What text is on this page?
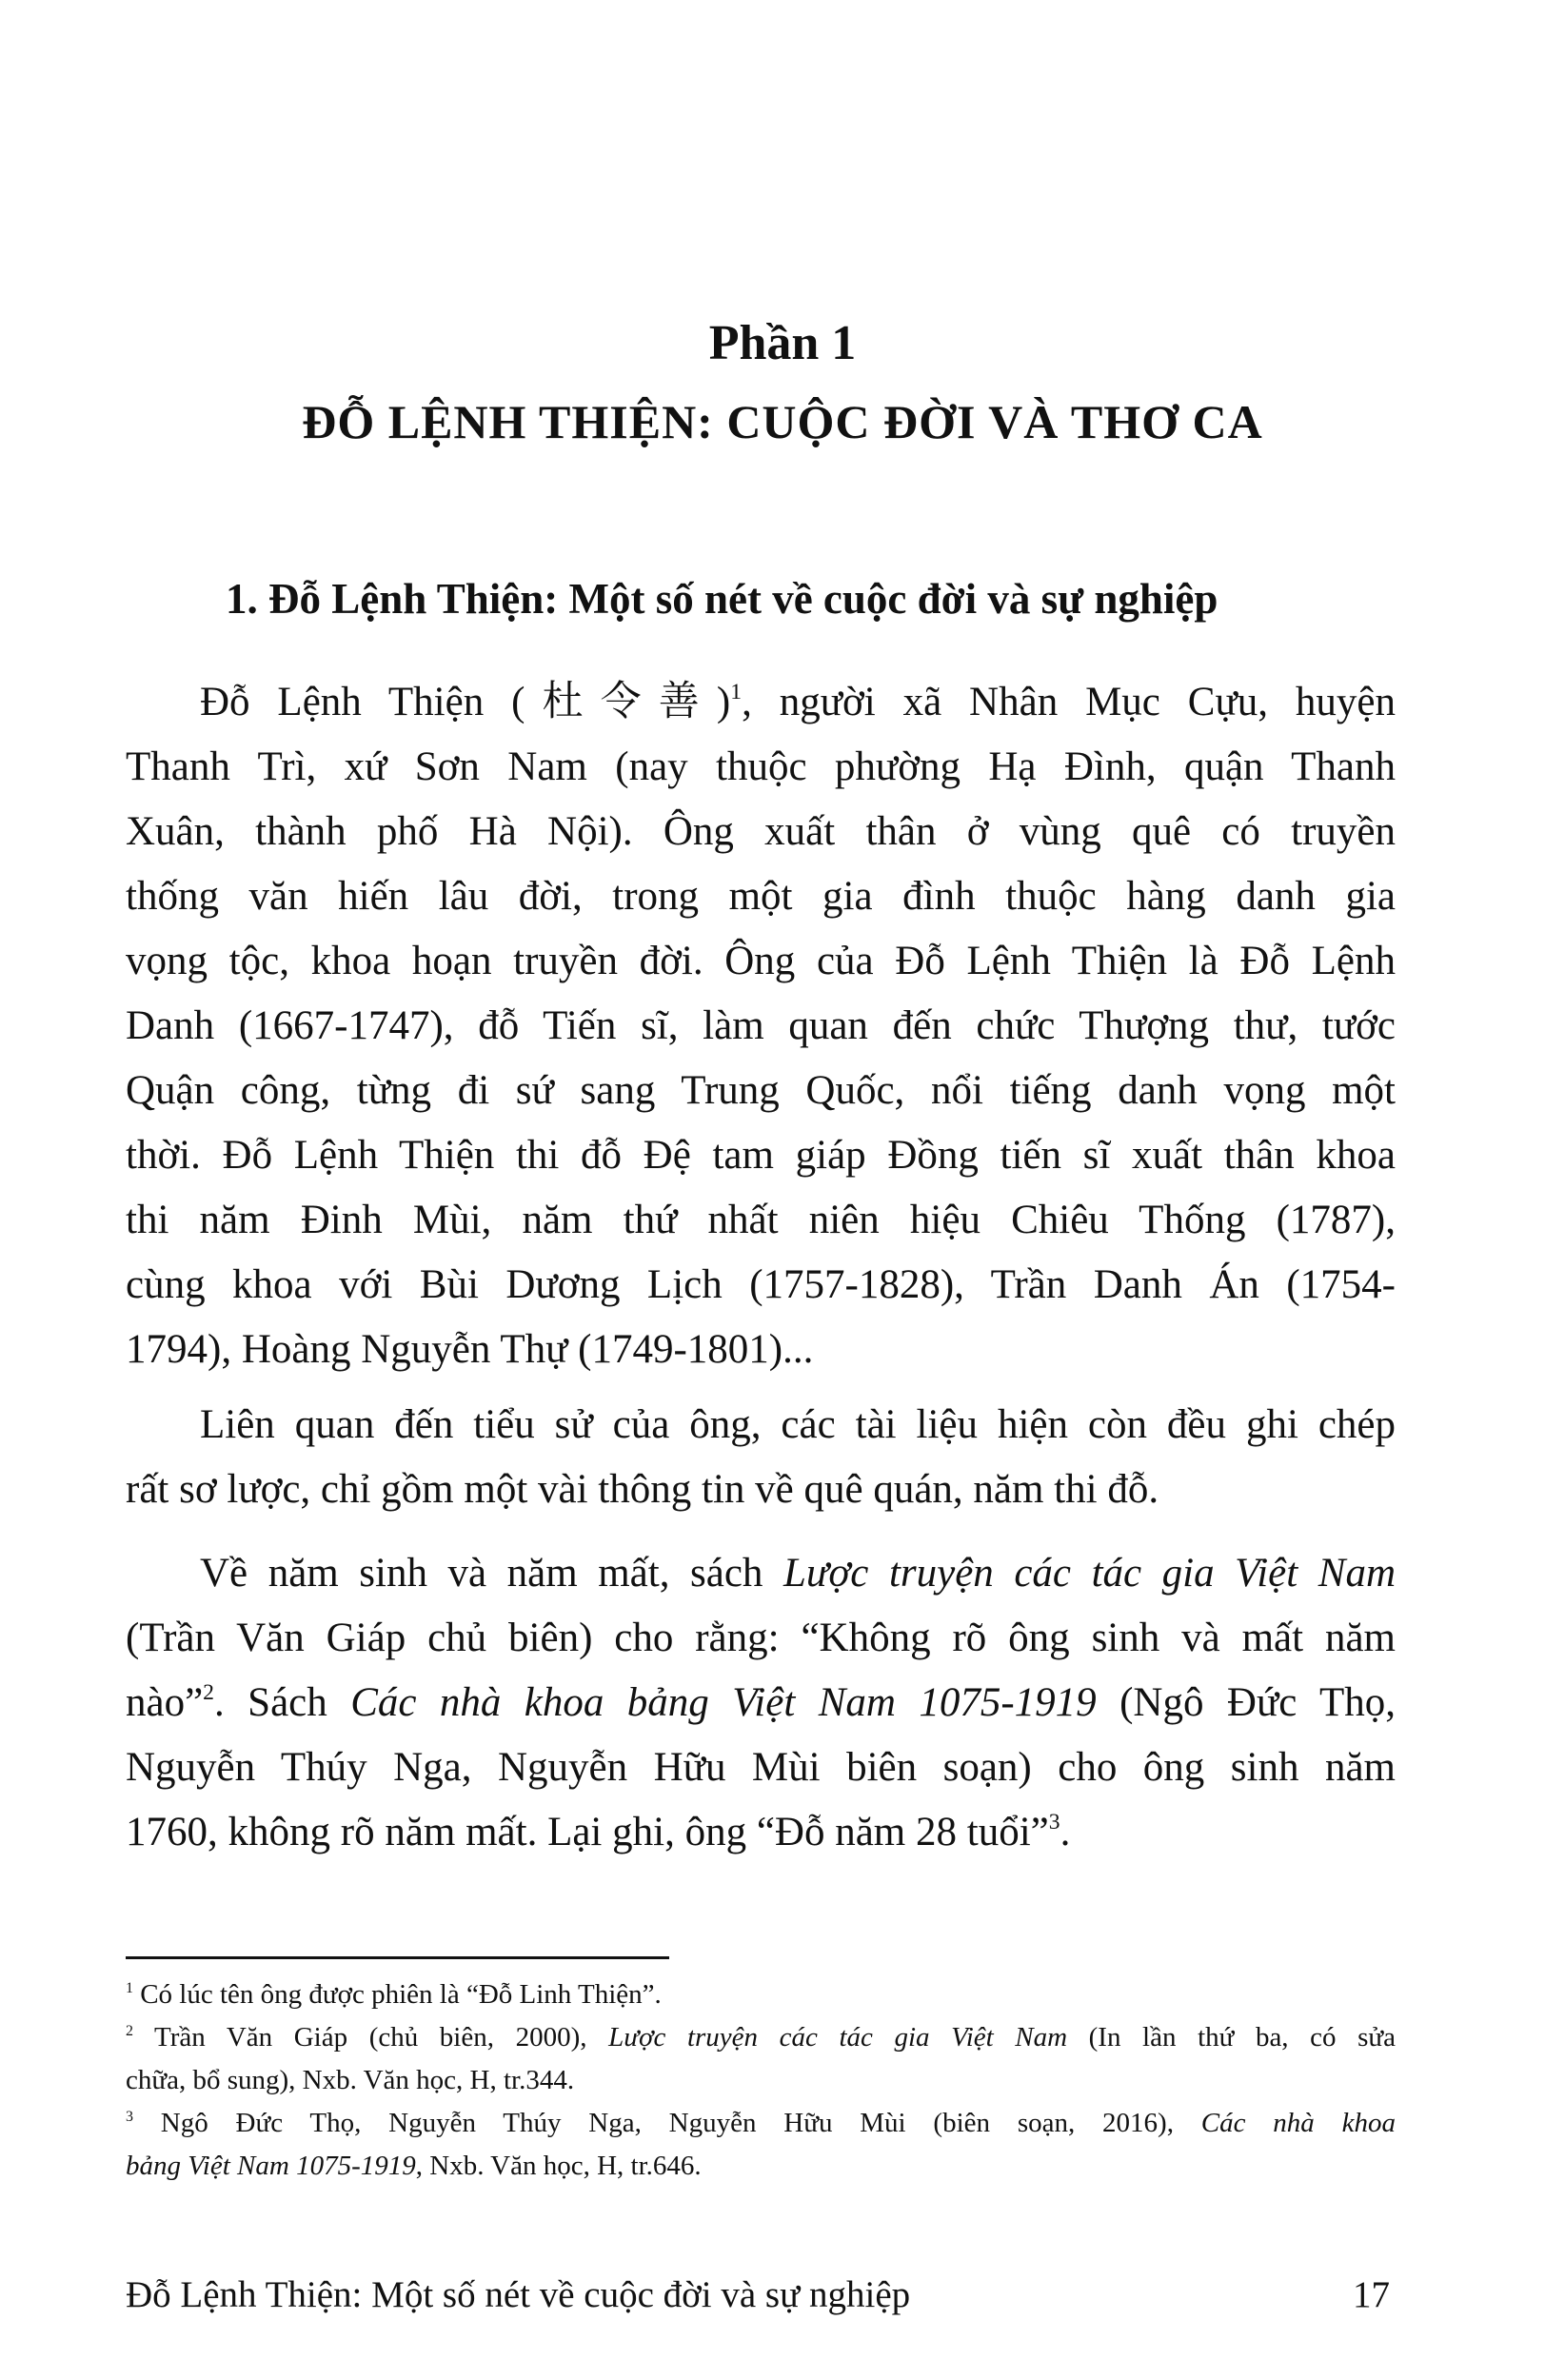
Phần 1
ĐỖ LỆNH THIỆN: CUỘC ĐỜI VÀ THƠ CA
1. Đỗ Lệnh Thiện: Một số nét về cuộc đời và sự nghiệp
Đỗ Lệnh Thiện (杜令善)$^1$, người xã Nhân Mục Cựu, huyện
Thanh Trì, xứ Sơn Nam (nay thuộc phường Hạ Đình, quận Thanh
Xuân, thành phố Hà Nội). Ông xuất thân ở vùng quê có truyền
thống văn hiến lâu đời, trong một gia đình thuộc hàng danh gia
vọng tộc, khoa hoạn truyền đời. Ông của Đỗ Lệnh Thiện là Đỗ Lệnh
Danh (1667-1747), đỗ Tiến sĩ, làm quan đến chức Thượng thư, tước
Quận công, từng đi sứ sang Trung Quốc, nổi tiếng danh vọng một
thời. Đỗ Lệnh Thiện thi đỗ Đệ tam giáp Đồng tiến sĩ xuất thân khoa
thi năm Đinh Mùi, năm thứ nhất niên hiệu Chiêu Thống (1787),
cùng khoa với Bùi Dương Lịch (1757-1828), Trần Danh Án (1754-
1794), Hoàng Nguyễn Thự (1749-1801)...
Liên quan đến tiểu sử của ông, các tài liệu hiện còn đều ghi chép
rất sơ lược, chỉ gồm một vài thông tin về quê quán, năm thi đỗ.
Về năm sinh và năm mất, sách Lược truyện các tác gia Việt Nam
(Trần Văn Giáp chủ biên) cho rằng: “Không rõ ông sinh và mất năm
nào”$^2$. Sách Các nhà khoa bảng Việt Nam 1075-1919 (Ngô Đức Thọ,
Nguyễn Thúy Nga, Nguyễn Hữu Mùi biên soạn) cho ông sinh năm
1760, không rõ năm mất. Lại ghi, ông “Đỗ năm 28 tuổi”$^3$.
$^1$ Có lúc tên ông được phiên là “Đỗ Linh Thiện”.
$^2$ Trần Văn Giáp (chủ biên, 2000), Lược truyện các tác gia Việt Nam (In lần thứ ba, có sửa
chữa, bổ sung), Nxb. Văn học, H, tr.344.
$^3$ Ngô Đức Thọ, Nguyễn Thúy Nga, Nguyễn Hữu Mùi (biên soạn, 2016), Các nhà khoa
bảng Việt Nam 1075-1919, Nxb. Văn học, H, tr.646.
Đỗ Lệnh Thiện: Một số nét về cuộc đời và sự nghiệp	17
